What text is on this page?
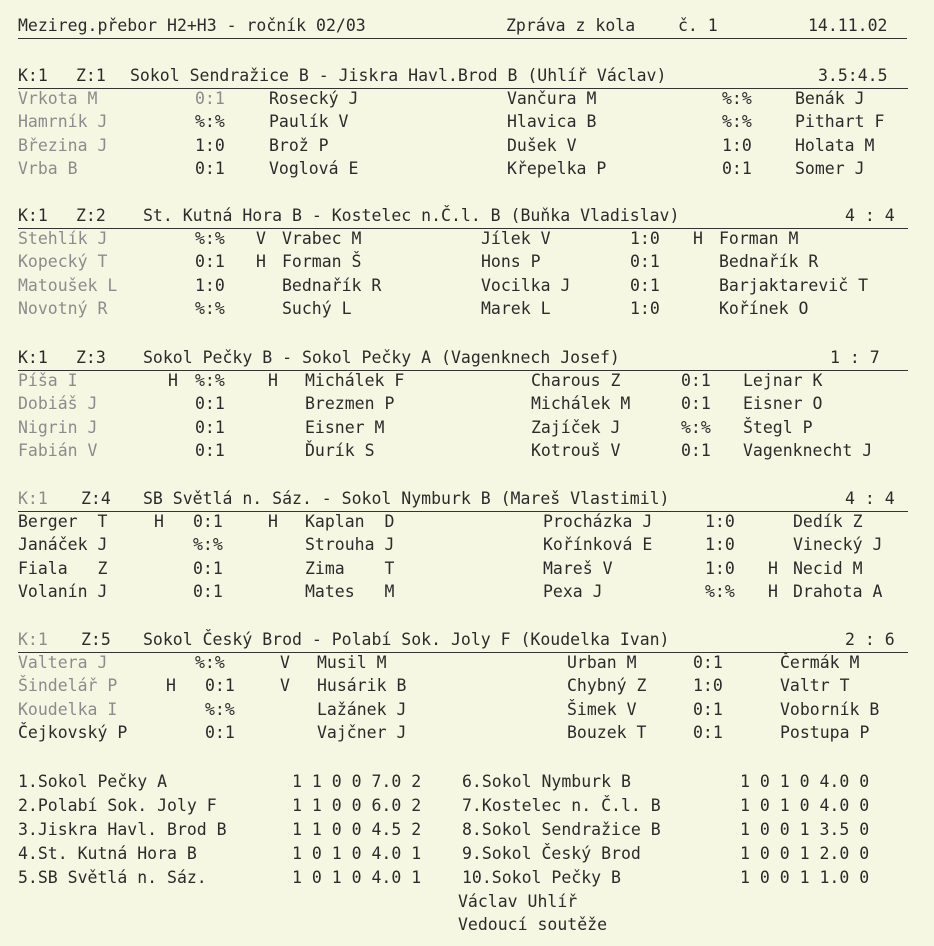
Mezireg.přebor H2+H3 - ročník 02/03	Zpráva z kola	č. 1	14.11.02

K:1

Z:1

Sokol Sendražice B - Jiskra Havl.Brod B (Uhlíř Václav)

	3.5:4.5

Vrkota M	0:1	Rosecký J	Vančura M	%:%	Benák J
Hamrník J	%:%	Paulík V	Hlavica B	%:%	Pithart F
Březina J	1:0	Brož P	Dušek V	1:0	Holata M
Vrba B	0:1	Voglová E	Křepelka P	0:1	Somer J

K:1

Z:2

St. Kutná Hora B - Kostelec n.Č.l. B (Buňka Vladislav)

	4 : 4

Stehlík J	%:% V Vrabec M	Jílek V	1:0 H Forman M
Kopecký T	0:1 H Forman Š	Hons P	0:1	Bednařík R
Matoušek L	1:0	Bednařík R	Vocilka J	0:1	Barjaktarevič T
Novotný R	%:%	Suchý L	Marek L	1:0	Kořínek O

K:1

Z:3

Sokol Pečky B - Sokol Pečky A (Vagenknech Josef)

	1 : 7

Píša I	H %:%	H Michálek F	Charous Z	0:1 Lejnar K
Dobiáš J	0:1	Brezmen P	Michálek M	0:1 Eisner O
Nigrin J	0:1	Eisner M	Zajíček J	%:% Štegl P
Fabián V	0:1	Ďurík S	Kotrouš V	0:1 Vagenknecht J

K:1

Z:4

SB Světlá n. Sáz. - Sokol Nymburk B (Mareš Vlastimil)

	4 : 4

Berger  T	H 0:1	H Kaplan  D	Procházka J	1:0	Dedík Z
Janáček J	%:%	Strouha J	Kořínková E	1:0	Vinecký J
Fiala   Z	0:1	Zima    T	Mareš V	1:0 H Necid M
Volanín J	0:1	Mates   M	Pexa J	%:% H Drahota A

K:1

Z:5

Sokol Český Brod - Polabí Sok. Joly F (Koudelka Ivan)

	2 : 6

Valtera J	%:%	V Musil M	Urban M	0:1	Čermák M
Šindelář P	H 0:1	V Husárik B	Chybný Z	1:0	Valtr T
Koudelka I	%:%	Lažánek J	Šimek V	0:1	Voborník B
Čejkovský P	0:1	Vajčner J	Bouzek T	0:1	Postupa P
1.Sokol Pečky A	1 1 0 0 7.0 2 6.Sokol Nymburk B	1 0 1 0 4.0 0
2.Polabí Sok. Joly F	1 1 0 0 6.0 2 7.Kostelec n. Č.l. B	1 0 1 0 4.0 0
3.Jiskra Havl. Brod B	1 1 0 0 4.5 2 8.Sokol Sendražice B	1 0 0 1 3.5 0
4.St. Kutná Hora B	1 0 1 0 4.0 1 9.Sokol Český Brod	1 0 0 1 2.0 0
5.SB Světlá n. Sáz.	1 0 1 0 4.0 1 10.Sokol Pečky B	1 0 0 1 1.0 0
Václav Uhlíř
Vedoucí soutěže
